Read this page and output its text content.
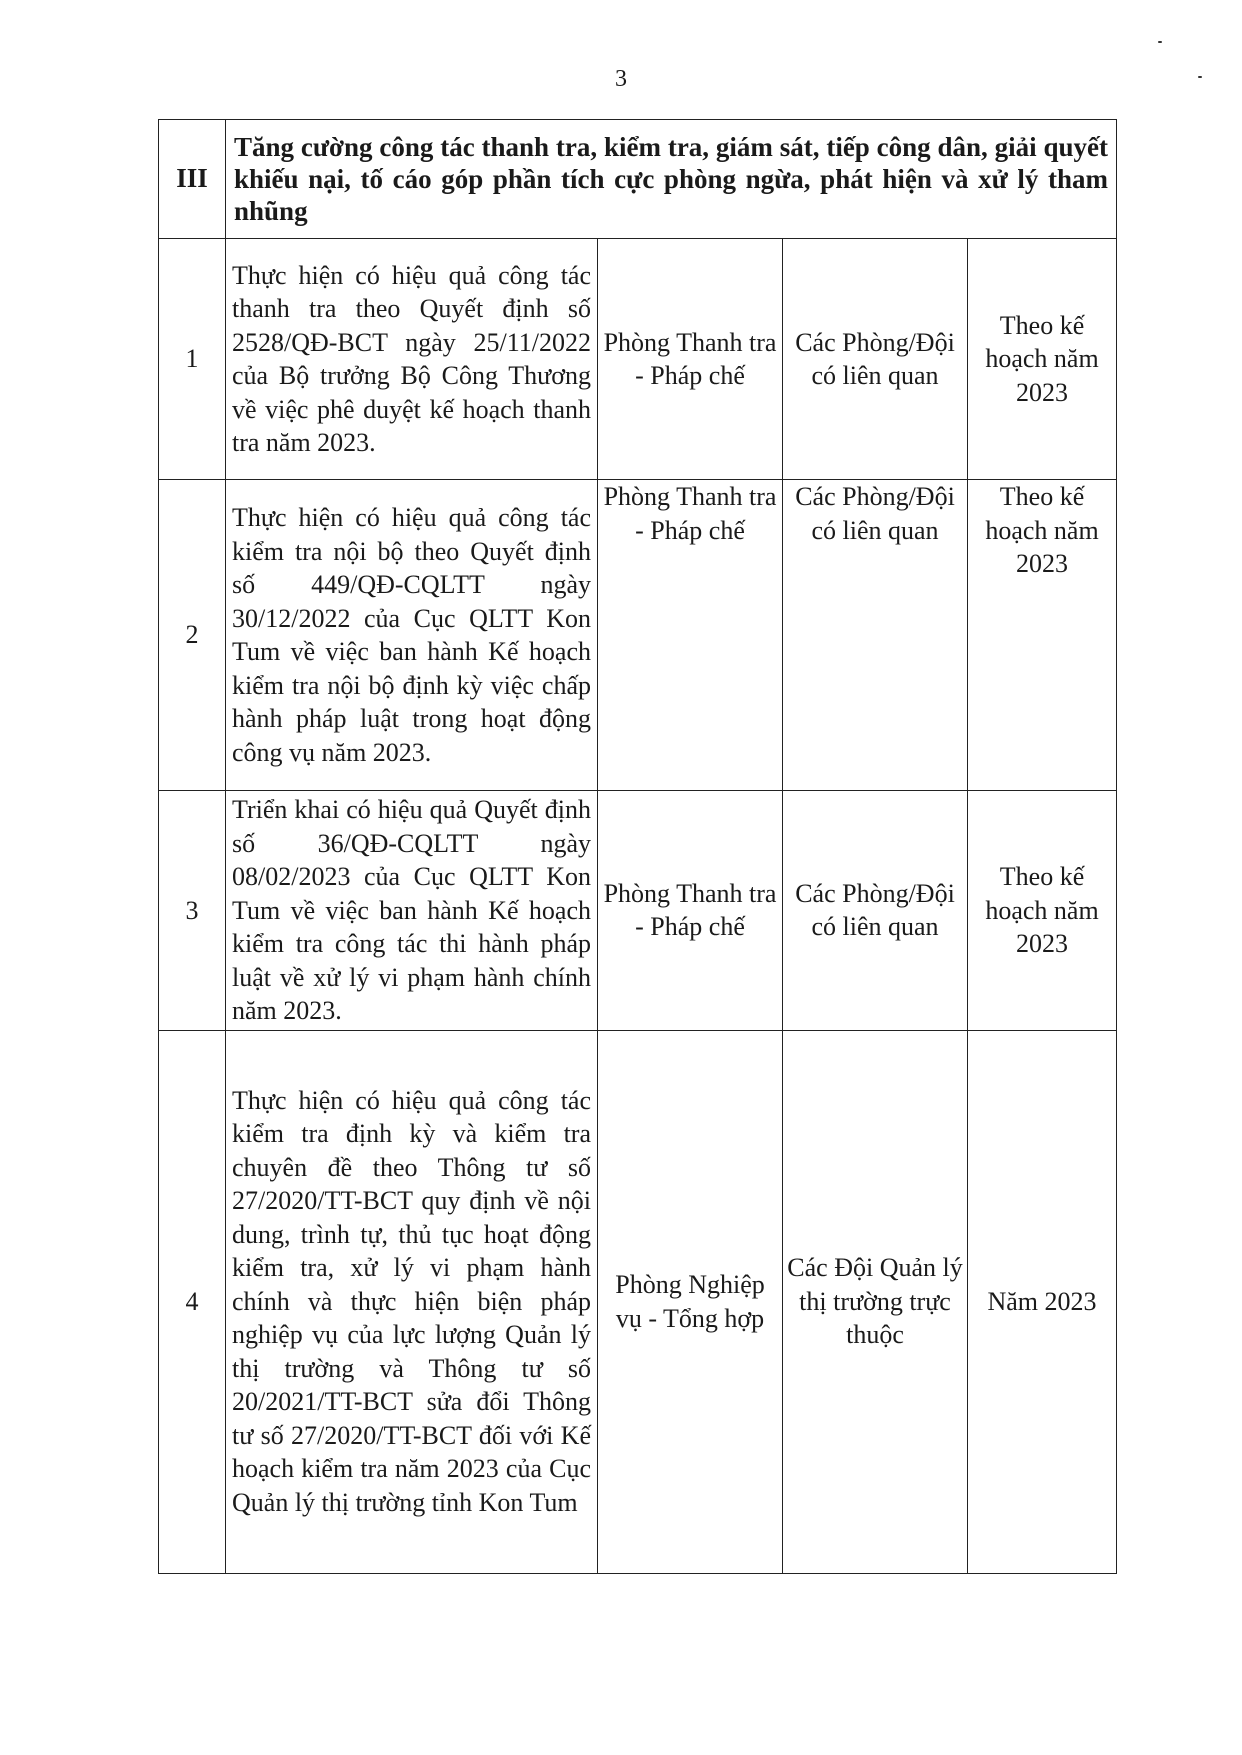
3
III	Tăng cường công tác thanh tra, kiểm tra, giám sát, tiếp công dân, giải quyết khiếu nại, tố cáo góp phần tích cực phòng ngừa, phát hiện và xử lý tham nhũng			
1	Thực hiện có hiệu quả công tác thanh tra theo Quyết định số 2528/QĐ-BCT ngày 25/11/2022 của Bộ trưởng Bộ Công Thương về việc phê duyệt kế hoạch thanh tra năm 2023.	Phòng Thanh tra - Pháp chế	Các Phòng/Đội có liên quan	Theo kế hoạch năm 2023
2	Thực hiện có hiệu quả công tác kiểm tra nội bộ theo Quyết định số 449/QĐ-CQLTT ngày 30/12/2022 của Cục QLTT Kon Tum về việc ban hành Kế hoạch kiểm tra nội bộ định kỳ việc chấp hành pháp luật trong hoạt động công vụ năm 2023.	Phòng Thanh tra - Pháp chế	Các Phòng/Đội có liên quan	Theo kế hoạch năm 2023
3	Triển khai có hiệu quả Quyết định số 36/QĐ-CQLTT ngày 08/02/2023 của Cục QLTT Kon Tum về việc ban hành Kế hoạch kiểm tra công tác thi hành pháp luật về xử lý vi phạm hành chính năm 2023.	Phòng Thanh tra - Pháp chế	Các Phòng/Đội có liên quan	Theo kế hoạch năm 2023
4	Thực hiện có hiệu quả công tác kiểm tra định kỳ và kiểm tra chuyên đề theo Thông tư số 27/2020/TT-BCT quy định về nội dung, trình tự, thủ tục hoạt động kiểm tra, xử lý vi phạm hành chính và thực hiện biện pháp nghiệp vụ của lực lượng Quản lý thị trường và Thông tư số 20/2021/TT-BCT sửa đổi Thông tư số 27/2020/TT-BCT đối với Kế hoạch kiểm tra năm 2023 của Cục Quản lý thị trường tỉnh Kon Tum	Phòng Nghiệp vụ - Tổng hợp	Các Đội Quản lý thị trường trực thuộc	Năm 2023
